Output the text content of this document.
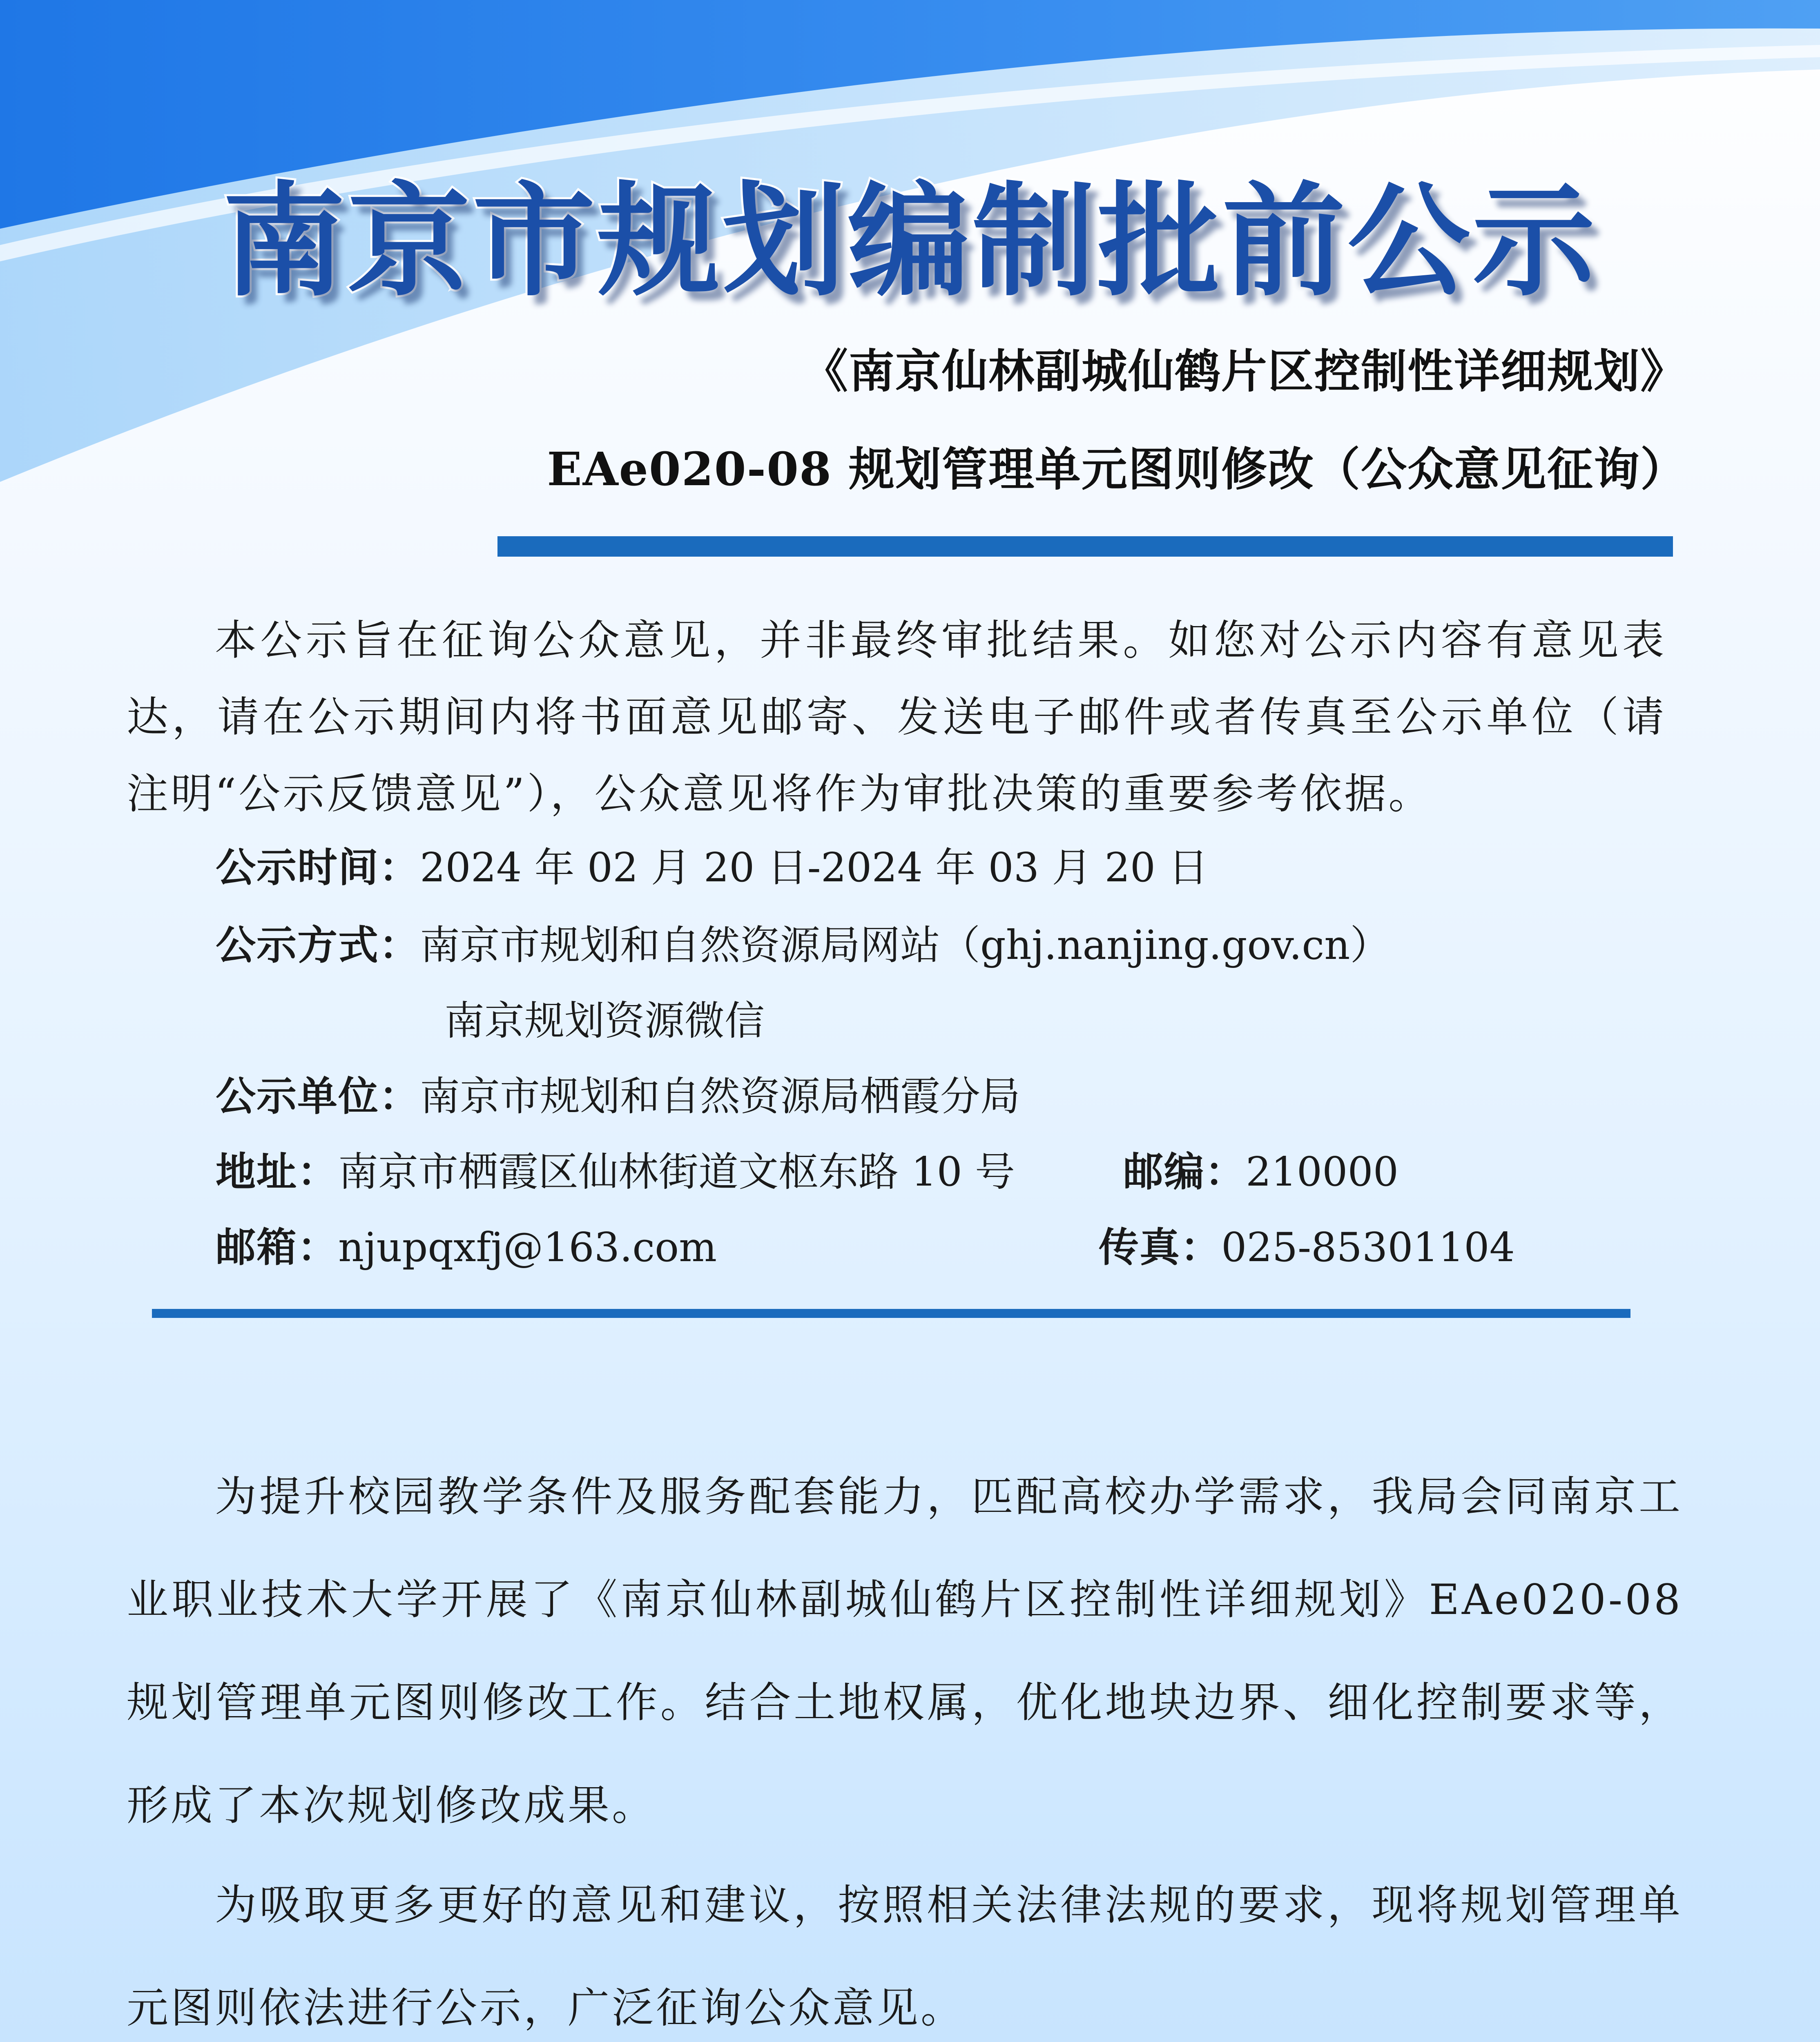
南京市规划编制批前公示
《南京仙林副城仙鹤片区控制性详细规划》
EAe020-08 规划管理单元图则修改（公众意见征询）

本公示旨在征询公众意见，并非最终审批结果。如您对公示内容有意见表达，请在公示期间内将书面意见邮寄、发送电子邮件或者传真至公示单位（请注明“公示反馈意见”），公众意见将作为审批决策的重要参考依据。

公示时间：2024 年 02 月 20 日-2024 年 03 月 20 日
公示方式：南京市规划和自然资源局网站（ghj.nanjing.gov.cn）
南京规划资源微信
公示单位：南京市规划和自然资源局栖霞分局
地址：南京市栖霞区仙林街道文枢东路 10 号	邮编：210000
邮箱：njupqxfj@163.com	传真：025-85301104

为提升校园教学条件及服务配套能力，匹配高校办学需求，我局会同南京工业职业技术大学开展了《南京仙林副城仙鹤片区控制性详细规划》EAe020-08 规划管理单元图则修改工作。结合土地权属，优化地块边界、细化控制要求等，形成了本次规划修改成果。

为吸取更多更好的意见和建议，按照相关法律法规的要求，现将规划管理单元图则依法进行公示，广泛征询公众意见。
